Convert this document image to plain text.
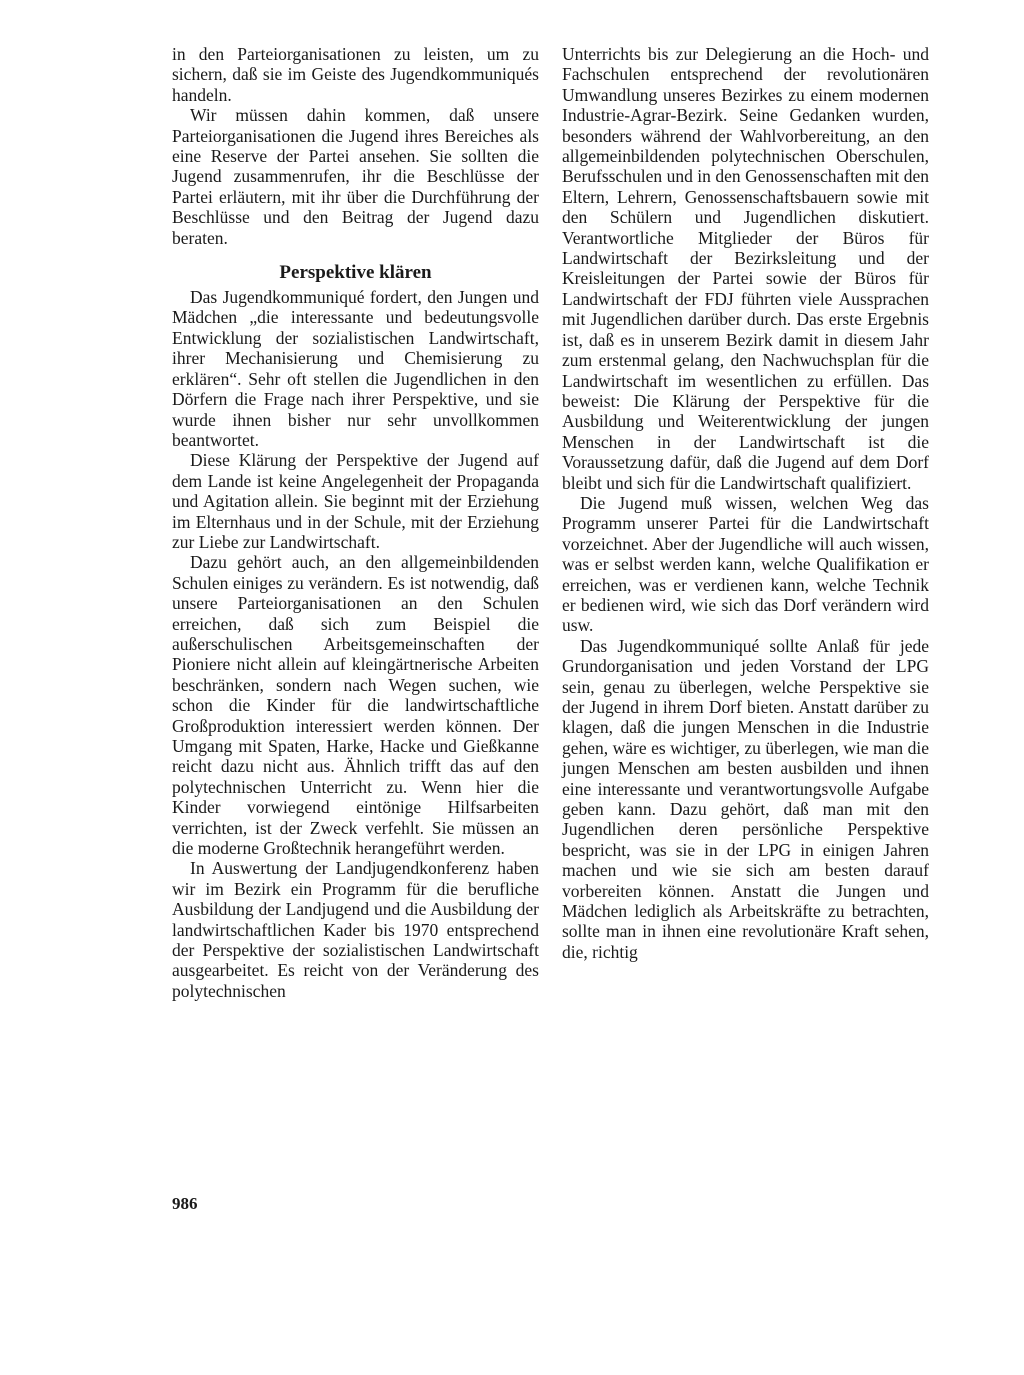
in den Parteiorganisationen zu leisten, um zu sichern, daß sie im Geiste des Jugendkommuniqués handeln.

Wir müssen dahin kommen, daß unsere Parteiorganisationen die Jugend ihres Bereiches als eine Reserve der Partei ansehen. Sie sollten die Jugend zusammenrufen, ihr die Beschlüsse der Partei erläutern, mit ihr über die Durchführung der Beschlüsse und den Beitrag der Jugend dazu beraten.

Perspektive klären

Das Jugendkommuniqué fordert, den Jungen und Mädchen „die interessante und bedeutungsvolle Entwicklung der sozialistischen Landwirtschaft, ihrer Mechanisierung und Chemisierung zu erklären“. Sehr oft stellen die Jugendlichen in den Dörfern die Frage nach ihrer Perspektive, und sie wurde ihnen bisher nur sehr unvollkommen beantwortet.

Diese Klärung der Perspektive der Jugend auf dem Lande ist keine Angelegenheit der Propaganda und Agitation allein. Sie beginnt mit der Erziehung im Elternhaus und in der Schule, mit der Erziehung zur Liebe zur Landwirtschaft.

Dazu gehört auch, an den allgemeinbildenden Schulen einiges zu verändern. Es ist notwendig, daß unsere Parteiorganisationen an den Schulen erreichen, daß sich zum Beispiel die außerschulischen Arbeitsgemeinschaften der Pioniere nicht allein auf kleingärtnerische Arbeiten beschränken, sondern nach Wegen suchen, wie schon die Kinder für die landwirtschaftliche Großproduktion interessiert werden können. Der Umgang mit Spaten, Harke, Hacke und Gießkanne reicht dazu nicht aus. Ähnlich trifft das auf den polytechnischen Unterricht zu. Wenn hier die Kinder vorwiegend eintönige Hilfsarbeiten verrichten, ist der Zweck verfehlt. Sie müssen an die moderne Großtechnik herangeführt werden.

In Auswertung der Landjugendkonferenz haben wir im Bezirk ein Programm für die berufliche Ausbildung der Landjugend und die Ausbildung der landwirtschaftlichen Kader bis 1970 entsprechend der Perspektive der sozialistischen Landwirtschaft ausgearbeitet. Es reicht von der Veränderung des polytechnischen

Unterrichts bis zur Delegierung an die Hoch- und Fachschulen entsprechend der revolutionären Umwandlung unseres Bezirkes zu einem modernen Industrie-Agrar-Bezirk. Seine Gedanken wurden, besonders während der Wahlvorbereitung, an den allgemeinbildenden polytechnischen Oberschulen, Berufsschulen und in den Genossenschaften mit den Eltern, Lehrern, Genossenschaftsbauern sowie mit den Schülern und Jugendlichen diskutiert. Verantwortliche Mitglieder der Büros für Landwirtschaft der Bezirksleitung und der Kreisleitungen der Partei sowie der Büros für Landwirtschaft der FDJ führten viele Aussprachen mit Jugendlichen darüber durch. Das erste Ergebnis ist, daß es in unserem Bezirk damit in diesem Jahr zum erstenmal gelang, den Nachwuchsplan für die Landwirtschaft im wesentlichen zu erfüllen. Das beweist: Die Klärung der Perspektive für die Ausbildung und Weiterentwicklung der jungen Menschen in der Landwirtschaft ist die Voraussetzung dafür, daß die Jugend auf dem Dorf bleibt und sich für die Landwirtschaft qualifiziert.

Die Jugend muß wissen, welchen Weg das Programm unserer Partei für die Landwirtschaft vorzeichnet. Aber der Jugendliche will auch wissen, was er selbst werden kann, welche Qualifikation er erreichen, was er verdienen kann, welche Technik er bedienen wird, wie sich das Dorf verändern wird usw.

Das Jugendkommuniqué sollte Anlaß für jede Grundorganisation und jeden Vorstand der LPG sein, genau zu überlegen, welche Perspektive sie der Jugend in ihrem Dorf bieten. Anstatt darüber zu klagen, daß die jungen Menschen in die Industrie gehen, wäre es wichtiger, zu überlegen, wie man die jungen Menschen am besten ausbilden und ihnen eine interessante und verantwortungsvolle Aufgabe geben kann. Dazu gehört, daß man mit den Jugendlichen deren persönliche Perspektive bespricht, was sie in der LPG in einigen Jahren machen und wie sie sich am besten darauf vorbereiten können. Anstatt die Jungen und Mädchen lediglich als Arbeitskräfte zu betrachten, sollte man in ihnen eine revolutionäre Kraft sehen, die, richtig

986
